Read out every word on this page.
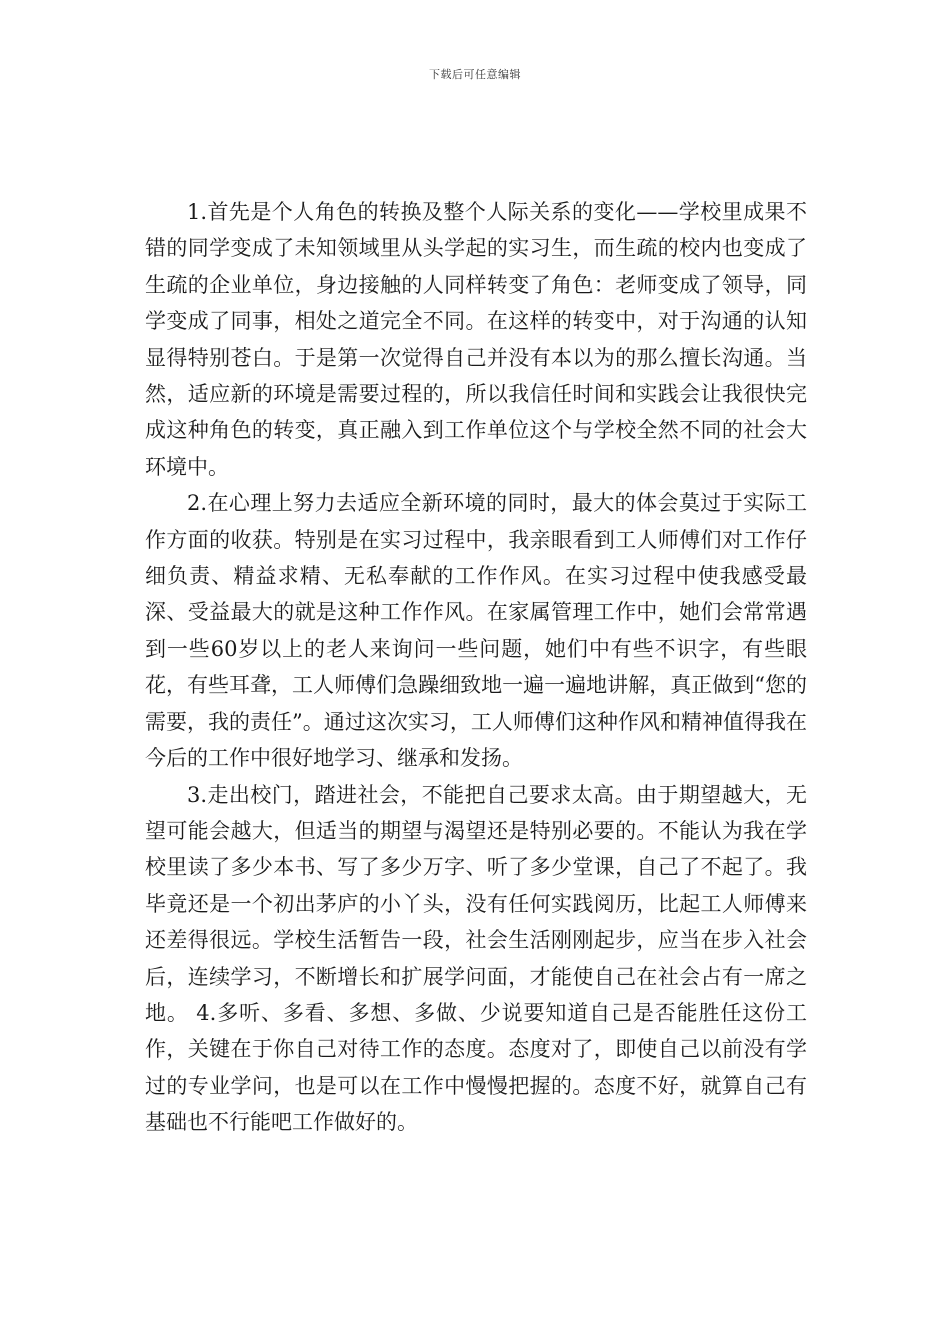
下载后可任意编辑

1.首先是个人角色的转换及整个人际关系的变化——学校里成果不错的同学变成了未知领域里从头学起的实习生，而生疏的校内也变成了生疏的企业单位，身边接触的人同样转变了角色：老师变成了领导，同学变成了同事，相处之道完全不同。在这样的转变中，对于沟通的认知显得特别苍白。于是第一次觉得自己并没有本以为的那么擅长沟通。当然，适应新的环境是需要过程的，所以我信任时间和实践会让我很快完成这种角色的转变，真正融入到工作单位这个与学校全然不同的社会大环境中。

2.在心理上努力去适应全新环境的同时，最大的体会莫过于实际工作方面的收获。特别是在实习过程中，我亲眼看到工人师傅们对工作仔细负责、精益求精、无私奉献的工作作风。在实习过程中使我感受最深、受益最大的就是这种工作作风。在家属管理工作中，她们会常常遇到一些60岁以上的老人来询问一些问题，她们中有些不识字，有些眼花，有些耳聋，工人师傅们急躁细致地一遍一遍地讲解，真正做到“您的需要，我的责任”。通过这次实习，工人师傅们这种作风和精神值得我在今后的工作中很好地学习、继承和发扬。

3.走出校门，踏进社会，不能把自己要求太高。由于期望越大，无望可能会越大，但适当的期望与渴望还是特别必要的。不能认为我在学校里读了多少本书、写了多少万字、听了多少堂课，自己了不起了。我毕竟还是一个初出茅庐的小丫头，没有任何实践阅历，比起工人师傅来还差得很远。学校生活暂告一段，社会生活刚刚起步，应当在步入社会后，连续学习，不断增长和扩展学问面，才能使自己在社会占有一席之地。 4.多听、多看、多想、多做、少说要知道自己是否能胜任这份工作，关键在于你自己对待工作的态度。态度对了，即使自己以前没有学过的专业学问，也是可以在工作中慢慢把握的。态度不好，就算自己有基础也不行能吧工作做好的。
